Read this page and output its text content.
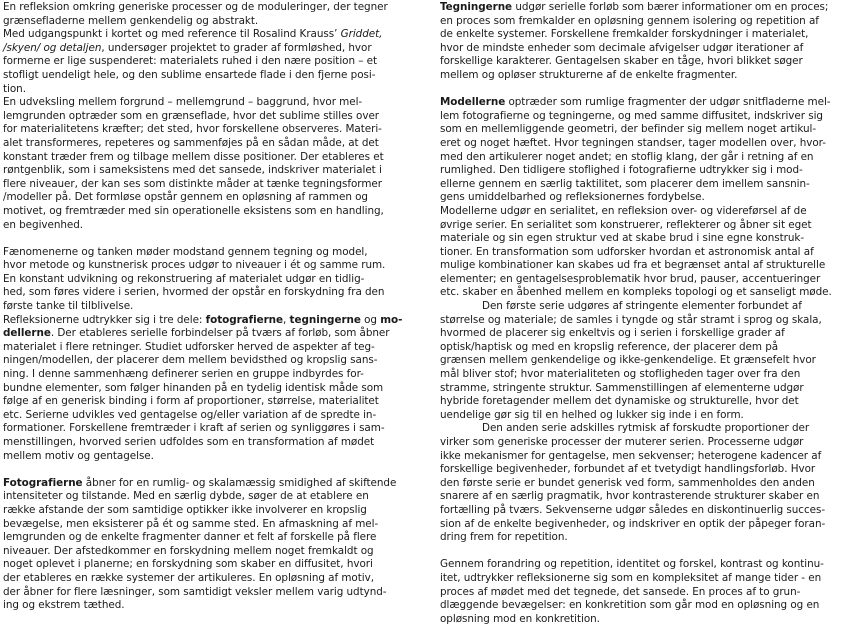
En refleksion omkring generiske processer og de moduleringer, der tegner
grænsefladerne mellem genkendelig og abstrakt.

Med udgangspunkt i kortet og med reference til Rosalind Krauss’ Griddet,
/skyen/ og detaljen, undersøger projektet to grader af formløshed, hvor
formerne er lige suspenderet: materialets ruhed i den nære position – et
stofligt uendeligt hele, og den sublime ensartede flade i den fjerne posi-
tion.

En udveksling mellem forgrund – mellemgrund – baggrund, hvor mel-
lemgrunden optræder som en grænseflade, hvor det sublime stilles over
for materialitetens kræfter; det sted, hvor forskellene observeres. Materi-
alet transformeres, repeteres og sammenføjes på en sådan måde, at det
konstant træder frem og tilbage mellem disse positioner. Der etableres et
røntgenblik, som i sameksistens med det sansede, indskriver materialet i
flere niveauer, der kan ses som distinkte måder at tænke tegningsformer
/modeller på. Det formløse opstår gennem en opløsning af rammen og
motivet, og fremtræder med sin operationelle eksistens som en handling,
en begivenhed.

Fænomenerne og tanken møder modstand gennem tegning og model,
hvor metode og kunstnerisk proces udgør to niveauer i ét og samme rum.
En konstant udvikning og rekonstruering af materialet udgør en tidlig-
hed, som føres videre i serien, hvormed der opstår en forskydning fra den
første tanke til tilblivelse.

Refleksionerne udtrykker sig i tre dele: fotografierne, tegningerne og mo-
dellerne. Der etableres serielle forbindelser på tværs af forløb, som åbner
materialet i flere retninger. Studiet udforsker herved de aspekter af teg-
ningen/modellen, der placerer dem mellem bevidsthed og kropslig sans-
ning. I denne sammenhæng definerer serien en gruppe indbyrdes for-
bundne elementer, som følger hinanden på en tydelig identisk måde som
følge af en generisk binding i form af proportioner, størrelse, materialitet
etc. Serierne udvikles ved gentagelse og/eller variation af de spredte in-
formationer. Forskellene fremtræder i kraft af serien og synliggøres i sam-
menstillingen, hvorved serien udfoldes som en transformation af mødet
mellem motiv og gentagelse.

Fotografierne åbner for en rumlig- og skalamæssig smidighed af skiftende
intensiteter og tilstande. Med en særlig dybde, søger de at etablere en
række afstande der som samtidige optikker ikke involverer en kropslig
bevægelse, men eksisterer på ét og samme sted. En afmaskning af mel-
lemgrunden og de enkelte fragmenter danner et felt af forskelle på flere
niveauer. Der afstedkommer en forskydning mellem noget fremkaldt og
noget oplevet i planerne; en forskydning som skaber en diffusitet, hvori
der etableres en række systemer der artikuleres. En opløsning af motiv,
der åbner for flere læsninger, som samtidigt veksler mellem varig udtynd-
ing og ekstrem tæthed.

Tegningerne udgør serielle forløb som bærer informationer om en proces;
en proces som fremkalder en opløsning gennem isolering og repetition af
de enkelte systemer. Forskellene fremkalder forskydninger i materialet,
hvor de mindste enheder som decimale afvigelser udgør iterationer af
forskellige karakterer. Gentagelsen skaber en tåge, hvori blikket søger
mellem og opløser strukturerne af de enkelte fragmenter.

Modellerne optræder som rumlige fragmenter der udgør snitfladerne mel-
lem fotografierne og tegningerne, og med samme diffusitet, indskriver sig
som en mellemliggende geometri, der befinder sig mellem noget artikul-
eret og noget hæftet. Hvor tegningen standser, tager modellen over, hvor-
med den artikulerer noget andet; en stoflig klang, der går i retning af en
rumlighed. Den tidligere stoflighed i fotografierne udtrykker sig i mod-
ellerne gennem en særlig taktilitet, som placerer dem imellem sansnin-
gens umiddelbarhed og refleksionernes fordybelse.

Modellerne udgør en serialitet, en refleksion over- og videreførsel af de
øvrige serier. En serialitet som konstruerer, reflekterer og åbner sit eget
materiale og sin egen struktur ved at skabe brud i sine egne konstruk-
tioner. En transformation som udforsker hvordan et astronomisk antal af
mulige kombinationer kan skabes ud fra et begrænset antal af strukturelle
elementer; en gentagelsesproblematik hvor brud, pauser, accentueringer
etc. skaber en åbenhed mellem en kompleks topologi og et sanseligt møde.

Den første serie udgøres af stringente elementer forbundet af
størrelse og materiale; de samles i tyngde og står stramt i sprog og skala,
hvormed de placerer sig enkeltvis og i serien i forskellige grader af
optisk/haptisk og med en kropslig reference, der placerer dem på
grænsen mellem genkendelige og ikke-genkendelige. Et grænsefelt hvor
mål bliver stof; hvor materialiteten og stofligheden tager over fra den
stramme, stringente struktur. Sammenstillingen af elementerne udgør
hybride foretagender mellem det dynamiske og strukturelle, hvor det
uendelige gør sig til en helhed og lukker sig inde i en form.

Den anden serie adskilles rytmisk af forskudte proportioner der
virker som generiske processer der muterer serien. Processerne udgør
ikke mekanismer for gentagelse, men sekvenser; heterogene kadencer af
forskellige begivenheder, forbundet af et tvetydigt handlingsforløb. Hvor
den første serie er bundet generisk ved form, sammenholdes den anden
snarere af en særlig pragmatik, hvor kontrasterende strukturer skaber en
fortælling på tværs. Sekvenserne udgør således en diskontinuerlig succes-
sion af de enkelte begivenheder, og indskriver en optik der påpeger foran-
dring frem for repetition.

Gennem forandring og repetition, identitet og forskel, kontrast og kontinu-
itet, udtrykker refleksionerne sig som en kompleksitet af mange tider - en
proces af mødet med det tegnede, det sansede. En proces af to grun-
dlæggende bevægelser: en konkretition som går mod en opløsning og en
opløsning mod en konkretition.
